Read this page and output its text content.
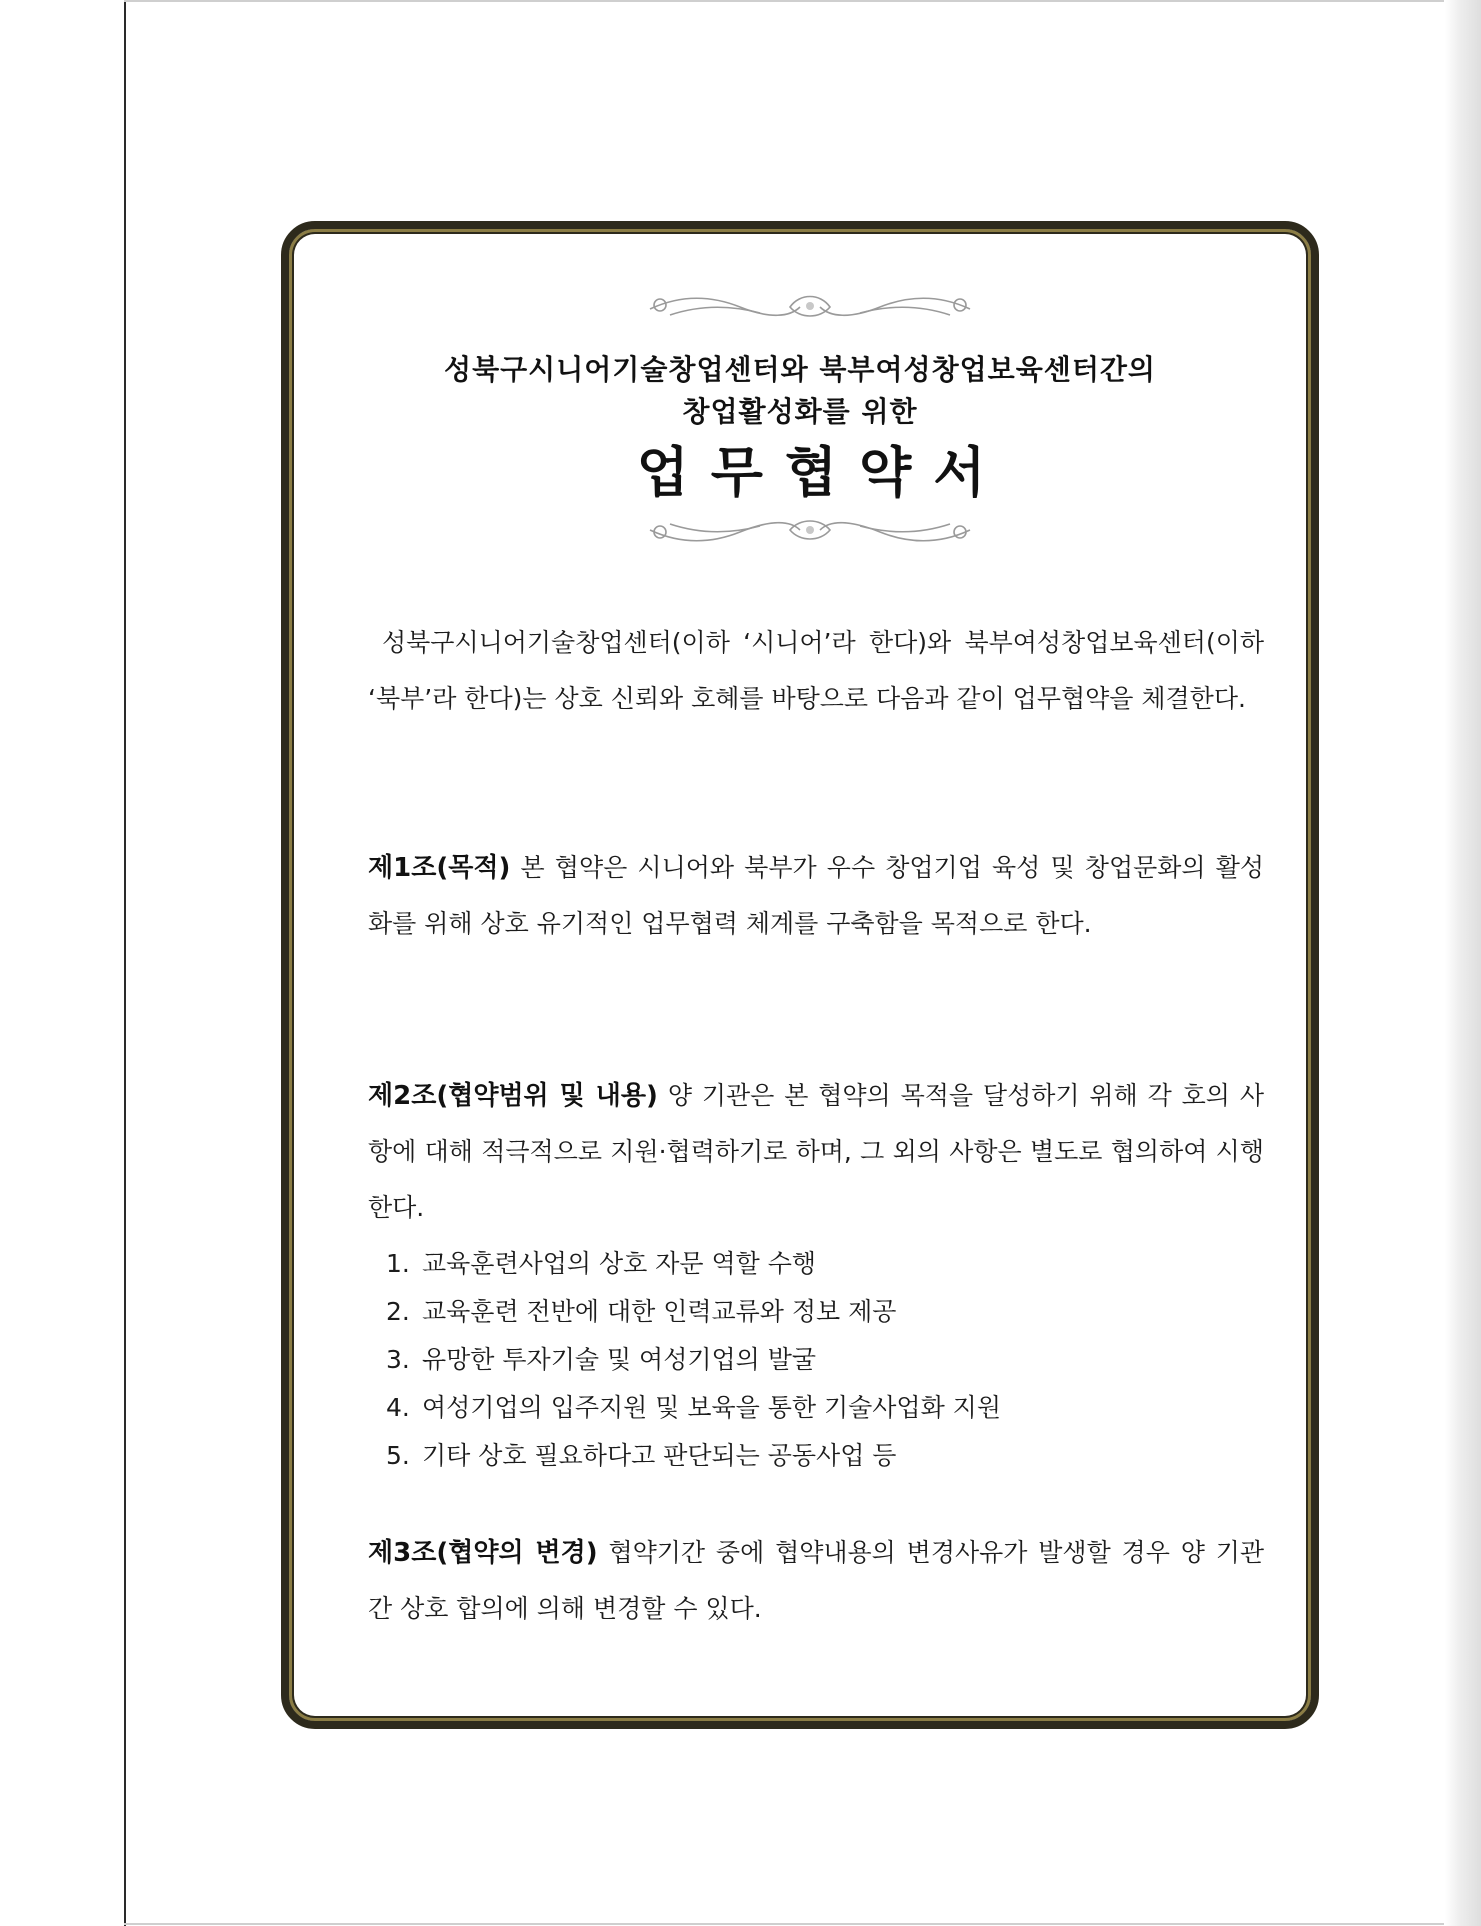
성북구시니어기술창업센터와 북부여성창업보육센터간의
창업활성화를 위한
업무협약서
성북구시니어기술창업센터(이하 ‘시니어’라 한다)와 북부여성창업보육센터(이하 ‘북부’라 한다)는 상호 신뢰와 호혜를 바탕으로 다음과 같이 업무협약을 체결한다.
제1조(목적) 본 협약은 시니어와 북부가 우수 창업기업 육성 및 창업문화의 활성화를 위해 상호 유기적인 업무협력 체계를 구축함을 목적으로 한다.
제2조(협약범위 및 내용) 양 기관은 본 협약의 목적을 달성하기 위해 각 호의 사항에 대해 적극적으로 지원·협력하기로 하며, 그 외의 사항은 별도로 협의하여 시행한다.
1. 교육훈련사업의 상호 자문 역할 수행
2. 교육훈련 전반에 대한 인력교류와 정보 제공
3. 유망한 투자기술 및 여성기업의 발굴
4. 여성기업의 입주지원 및 보육을 통한 기술사업화 지원
5. 기타 상호 필요하다고 판단되는 공동사업 등
제3조(협약의 변경) 협약기간 중에 협약내용의 변경사유가 발생할 경우 양 기관 간 상호 합의에 의해 변경할 수 있다.
